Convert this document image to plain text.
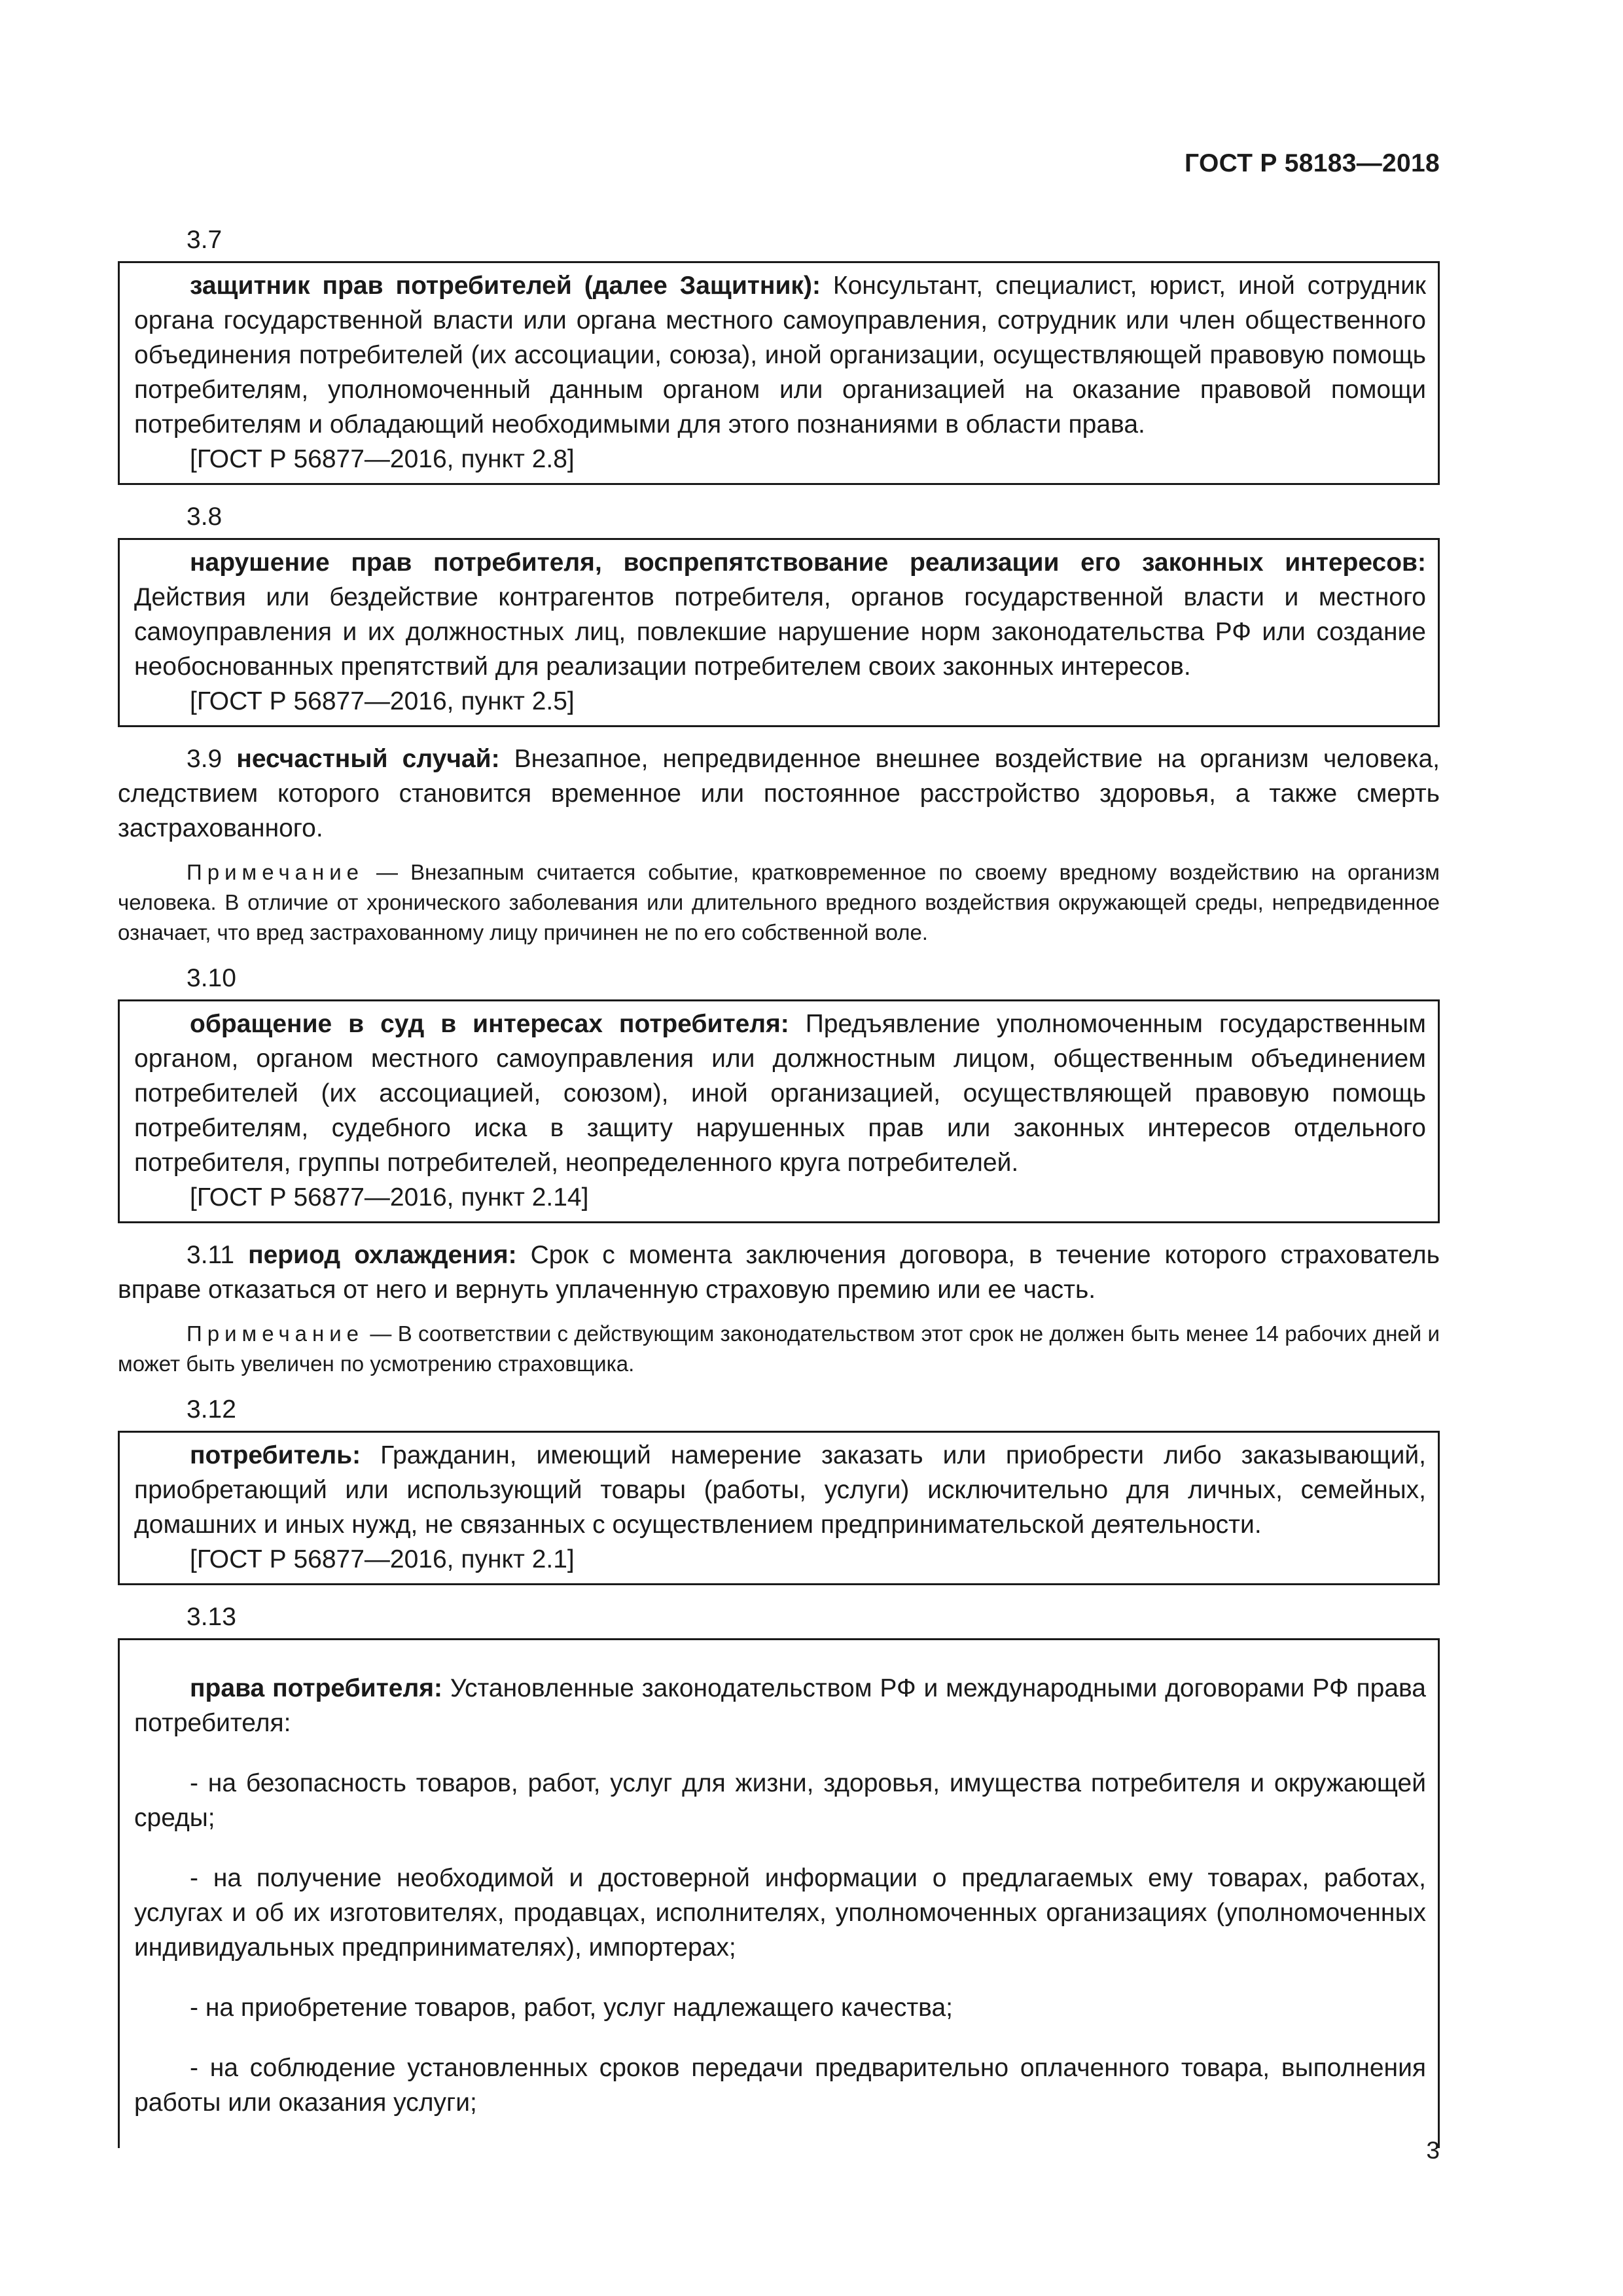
ГОСТ Р 58183—2018
3.7

защитник прав потребителей (далее Защитник): Консультант, специалист, юрист, иной сотрудник органа государственной власти или органа местного самоуправления, сотрудник или член общественного объединения потребителей (их ассоциации, союза), иной организации, осуществляющей правовую помощь потребителям, уполномоченный данным органом или организацией на оказание правовой помощи потребителям и обладающий необходимыми для этого познаниями в области права.

[ГОСТ Р 56877—2016, пункт 2.8]

3.8

нарушение прав потребителя, воспрепятствование реализации его законных интересов: Действия или бездействие контрагентов потребителя, органов государственной власти и местного самоуправления и их должностных лиц, повлекшие нарушение норм законодательства РФ или создание необоснованных препятствий для реализации потребителем своих законных интересов.

[ГОСТ Р 56877—2016, пункт 2.5]

3.9 несчастный случай: Внезапное, непредвиденное внешнее воздействие на организм человека, следствием которого становится временное или постоянное расстройство здоровья, а также смерть застрахованного.
Примечание — Внезапным считается событие, кратковременное по своему вредному воздействию на организм человека. В отличие от хронического заболевания или длительного вредного воздействия окружающей среды, непредвиденное означает, что вред застрахованному лицу причинен не по его собственной воле.
3.10

обращение в суд в интересах потребителя: Предъявление уполномоченным государственным органом, органом местного самоуправления или должностным лицом, общественным объединением потребителей (их ассоциацией, союзом), иной организацией, осуществляющей правовую помощь потребителям, судебного иска в защиту нарушенных прав или законных интересов отдельного потребителя, группы потребителей, неопределенного круга потребителей.

[ГОСТ Р 56877—2016, пункт 2.14]

3.11 период охлаждения: Срок с момента заключения договора, в течение которого страхователь вправе отказаться от него и вернуть уплаченную страховую премию или ее часть.
Примечание — В соответствии с действующим законодательством этот срок не должен быть менее 14 рабочих дней и может быть увеличен по усмотрению страховщика.
3.12

потребитель: Гражданин, имеющий намерение заказать или приобрести либо заказывающий, приобретающий или использующий товары (работы, услуги) исключительно для личных, семейных, домашних и иных нужд, не связанных с осуществлением предпринимательской деятельности.

[ГОСТ Р 56877—2016, пункт 2.1]

3.13

права потребителя: Установленные законодательством РФ и международными договорами РФ права потребителя:

- на безопасность товаров, работ, услуг для жизни, здоровья, имущества потребителя и окружающей среды;

- на получение необходимой и достоверной информации о предлагаемых ему товарах, работах, услугах и об их изготовителях, продавцах, исполнителях, уполномоченных организациях (уполномоченных индивидуальных предпринимателях), импортерах;

- на приобретение товаров, работ, услуг надлежащего качества;

- на соблюдение установленных сроков передачи предварительно оплаченного товара, выполнения работы или оказания услуги;

3
